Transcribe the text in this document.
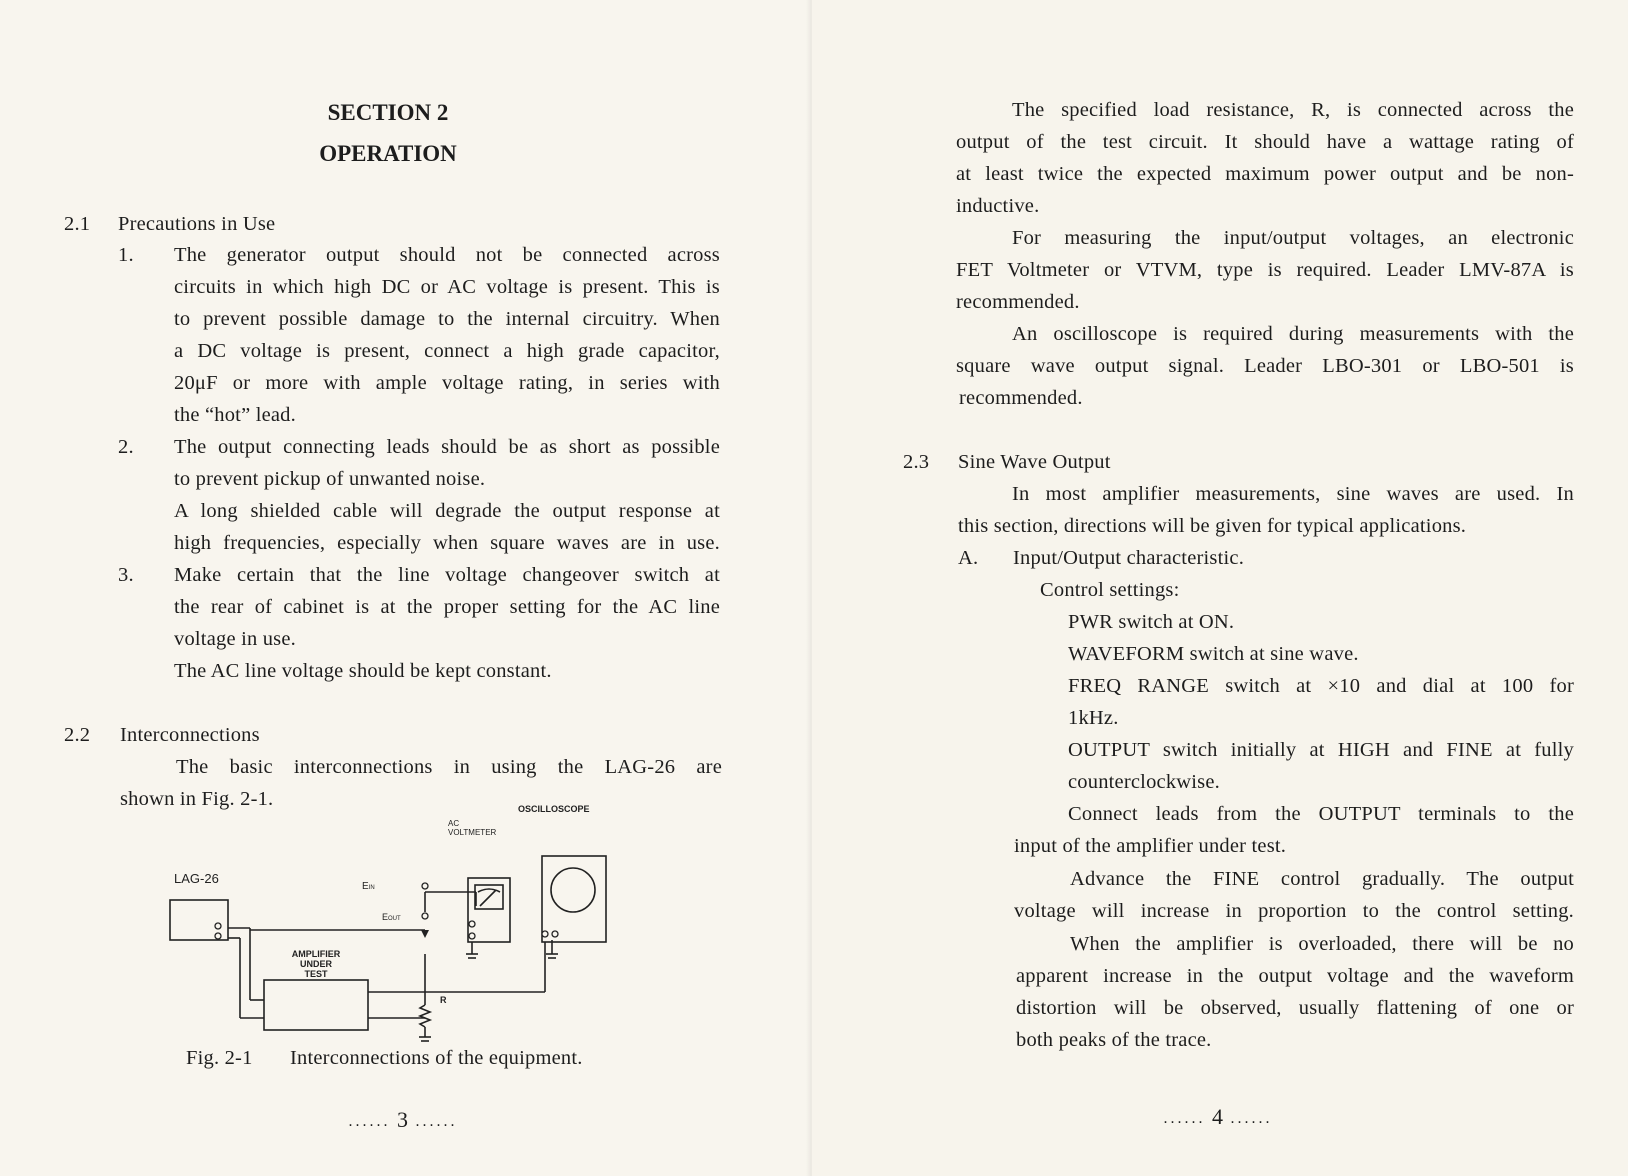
SECTION 2
OPERATION
2.1 Precautions in Use
1. The generator output should not be connected across
circuits in which high DC or AC voltage is present. This is
to prevent possible damage to the internal circuitry. When
a DC voltage is present, connect a high grade capacitor,
20μF or more with ample voltage rating, in series with
the “hot” lead.
2. The output connecting leads should be as short as possible
to prevent pickup of unwanted noise.
A long shielded cable will degrade the output response at
high frequencies, especially when square waves are in use.
3. Make certain that the line voltage changeover switch at
the rear of cabinet is at the proper setting for the AC line
voltage in use.
The AC line voltage should be kept constant.
2.2 Interconnections
The basic interconnections in using the LAG-26 are
shown in Fig. 2-1.	OSCILLOSCOPE
AC
VOLTMETER
LAG-26
EIN
EOUT
AMPLIFIER
UNDER
TEST
R
Fig. 2-1 Interconnections of the equipment.
...... 3 ......
The specified load resistance, R, is connected across the
output of the test circuit. It should have a wattage rating of
at least twice the expected maximum power output and be non-
inductive.
For measuring the input/output voltages, an electronic
FET Voltmeter or VTVM, type is required. Leader LMV-87A is
recommended.
An oscilloscope is required during measurements with the
square wave output signal. Leader LBO-301 or LBO-501 is
recommended.
2.3 Sine Wave Output
In most amplifier measurements, sine waves are used. In
this section, directions will be given for typical applications.
A. Input/Output characteristic.
Control settings:
PWR switch at ON.
WAVEFORM switch at sine wave.
FREQ RANGE switch at ×10 and dial at 100 for
1kHz.
OUTPUT switch initially at HIGH and FINE at fully
counterclockwise.
Connect leads from the OUTPUT terminals to the
input of the amplifier under test.
Advance the FINE control gradually. The output
voltage will increase in proportion to the control setting.
When the amplifier is overloaded, there will be no
apparent increase in the output voltage and the waveform
distortion will be observed, usually flattening of one or
both peaks of the trace.
...... 4 ......
